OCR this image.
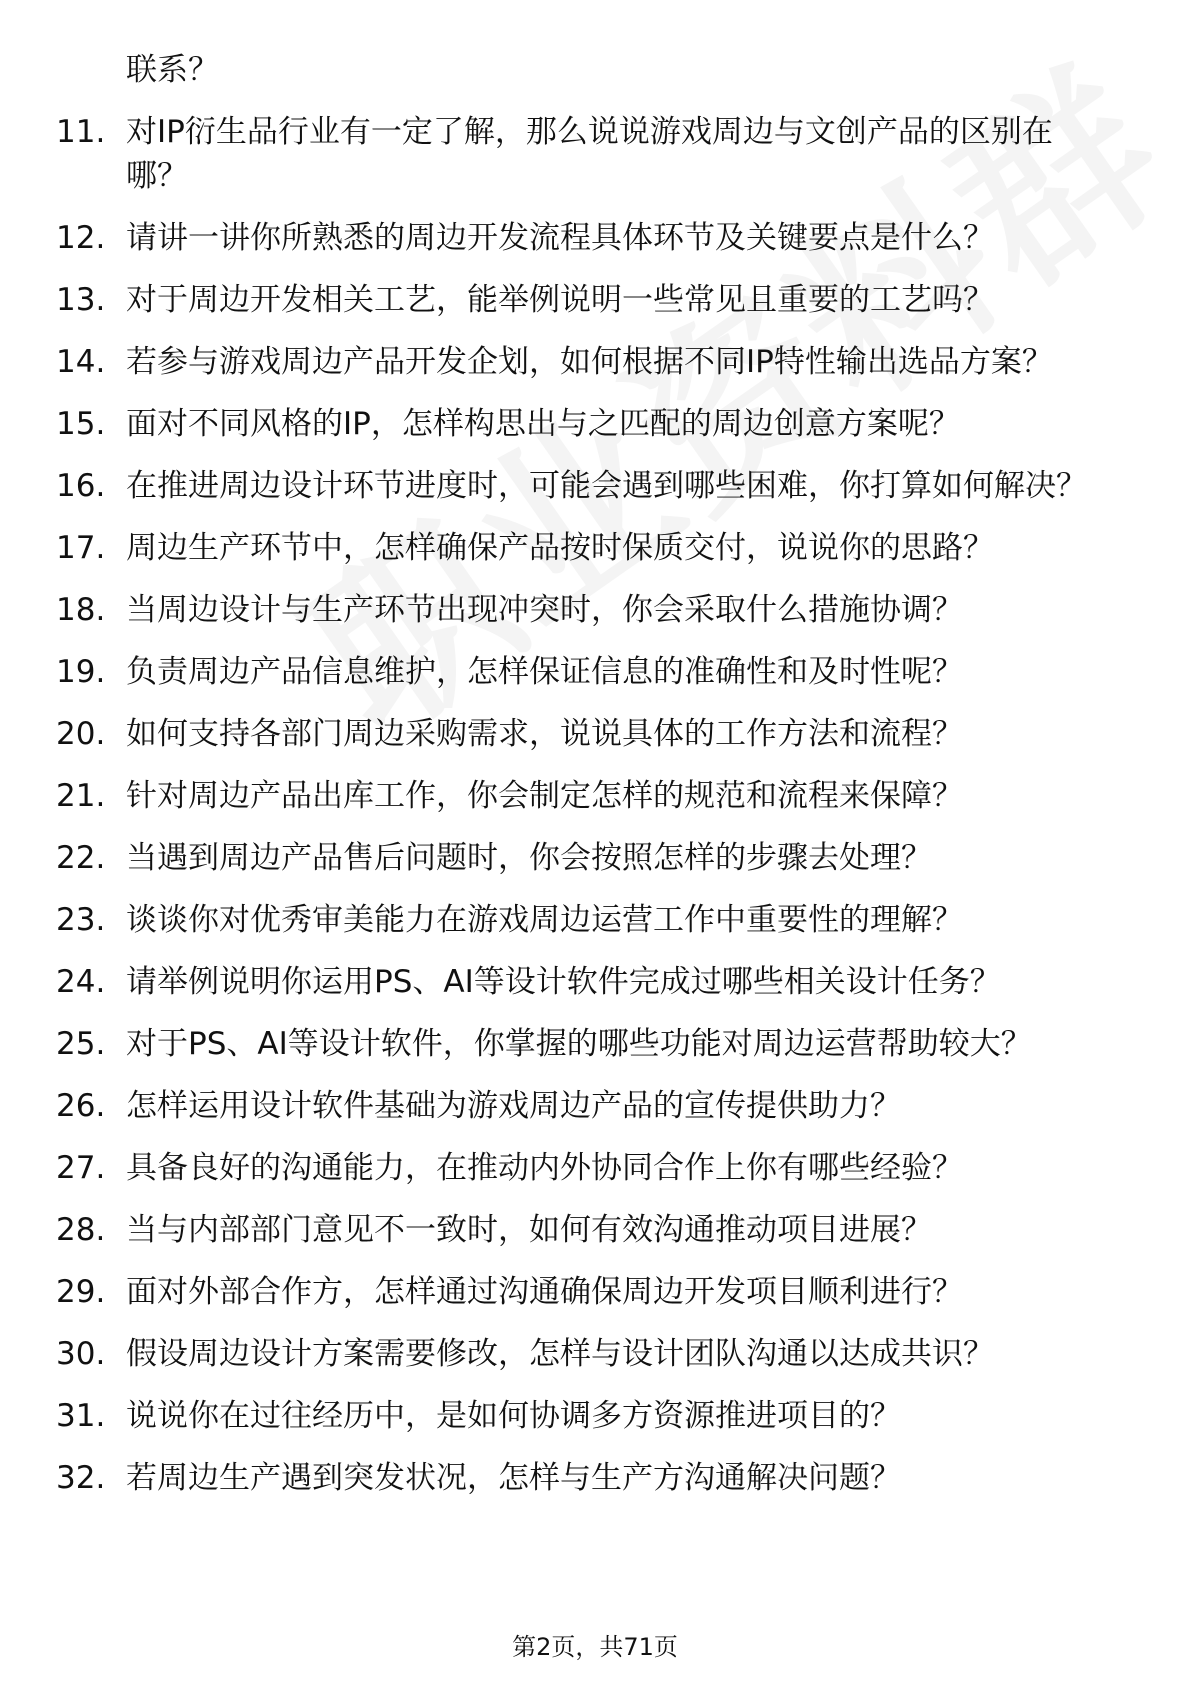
联系？
11. 对IP衍生品行业有一定了解，那么说说游戏周边与文创产品的区别在哪？
12. 请讲一讲你所熟悉的周边开发流程具体环节及关键要点是什么？
13. 对于周边开发相关工艺，能举例说明一些常见且重要的工艺吗？
14. 若参与游戏周边产品开发企划，如何根据不同IP特性输出选品方案？
15. 面对不同风格的IP，怎样构思出与之匹配的周边创意方案呢？
16. 在推进周边设计环节进度时，可能会遇到哪些困难，你打算如何解决？
17. 周边生产环节中，怎样确保产品按时保质交付，说说你的思路？
18. 当周边设计与生产环节出现冲突时，你会采取什么措施协调？
19. 负责周边产品信息维护，怎样保证信息的准确性和及时性呢？
20. 如何支持各部门周边采购需求，说说具体的工作方法和流程？
21. 针对周边产品出库工作，你会制定怎样的规范和流程来保障？
22. 当遇到周边产品售后问题时，你会按照怎样的步骤去处理？
23. 谈谈你对优秀审美能力在游戏周边运营工作中重要性的理解？
24. 请举例说明你运用PS、AI等设计软件完成过哪些相关设计任务？
25. 对于PS、AI等设计软件，你掌握的哪些功能对周边运营帮助较大？
26. 怎样运用设计软件基础为游戏周边产品的宣传提供助力？
27. 具备良好的沟通能力，在推动内外协同合作上你有哪些经验？
28. 当与内部部门意见不一致时，如何有效沟通推动项目进展？
29. 面对外部合作方，怎样通过沟通确保周边开发项目顺利进行？
30. 假设周边设计方案需要修改，怎样与设计团队沟通以达成共识？
31. 说说你在过往经历中，是如何协调多方资源推进项目的？
32. 若周边生产遇到突发状况，怎样与生产方沟通解决问题？
第2页，共71页
